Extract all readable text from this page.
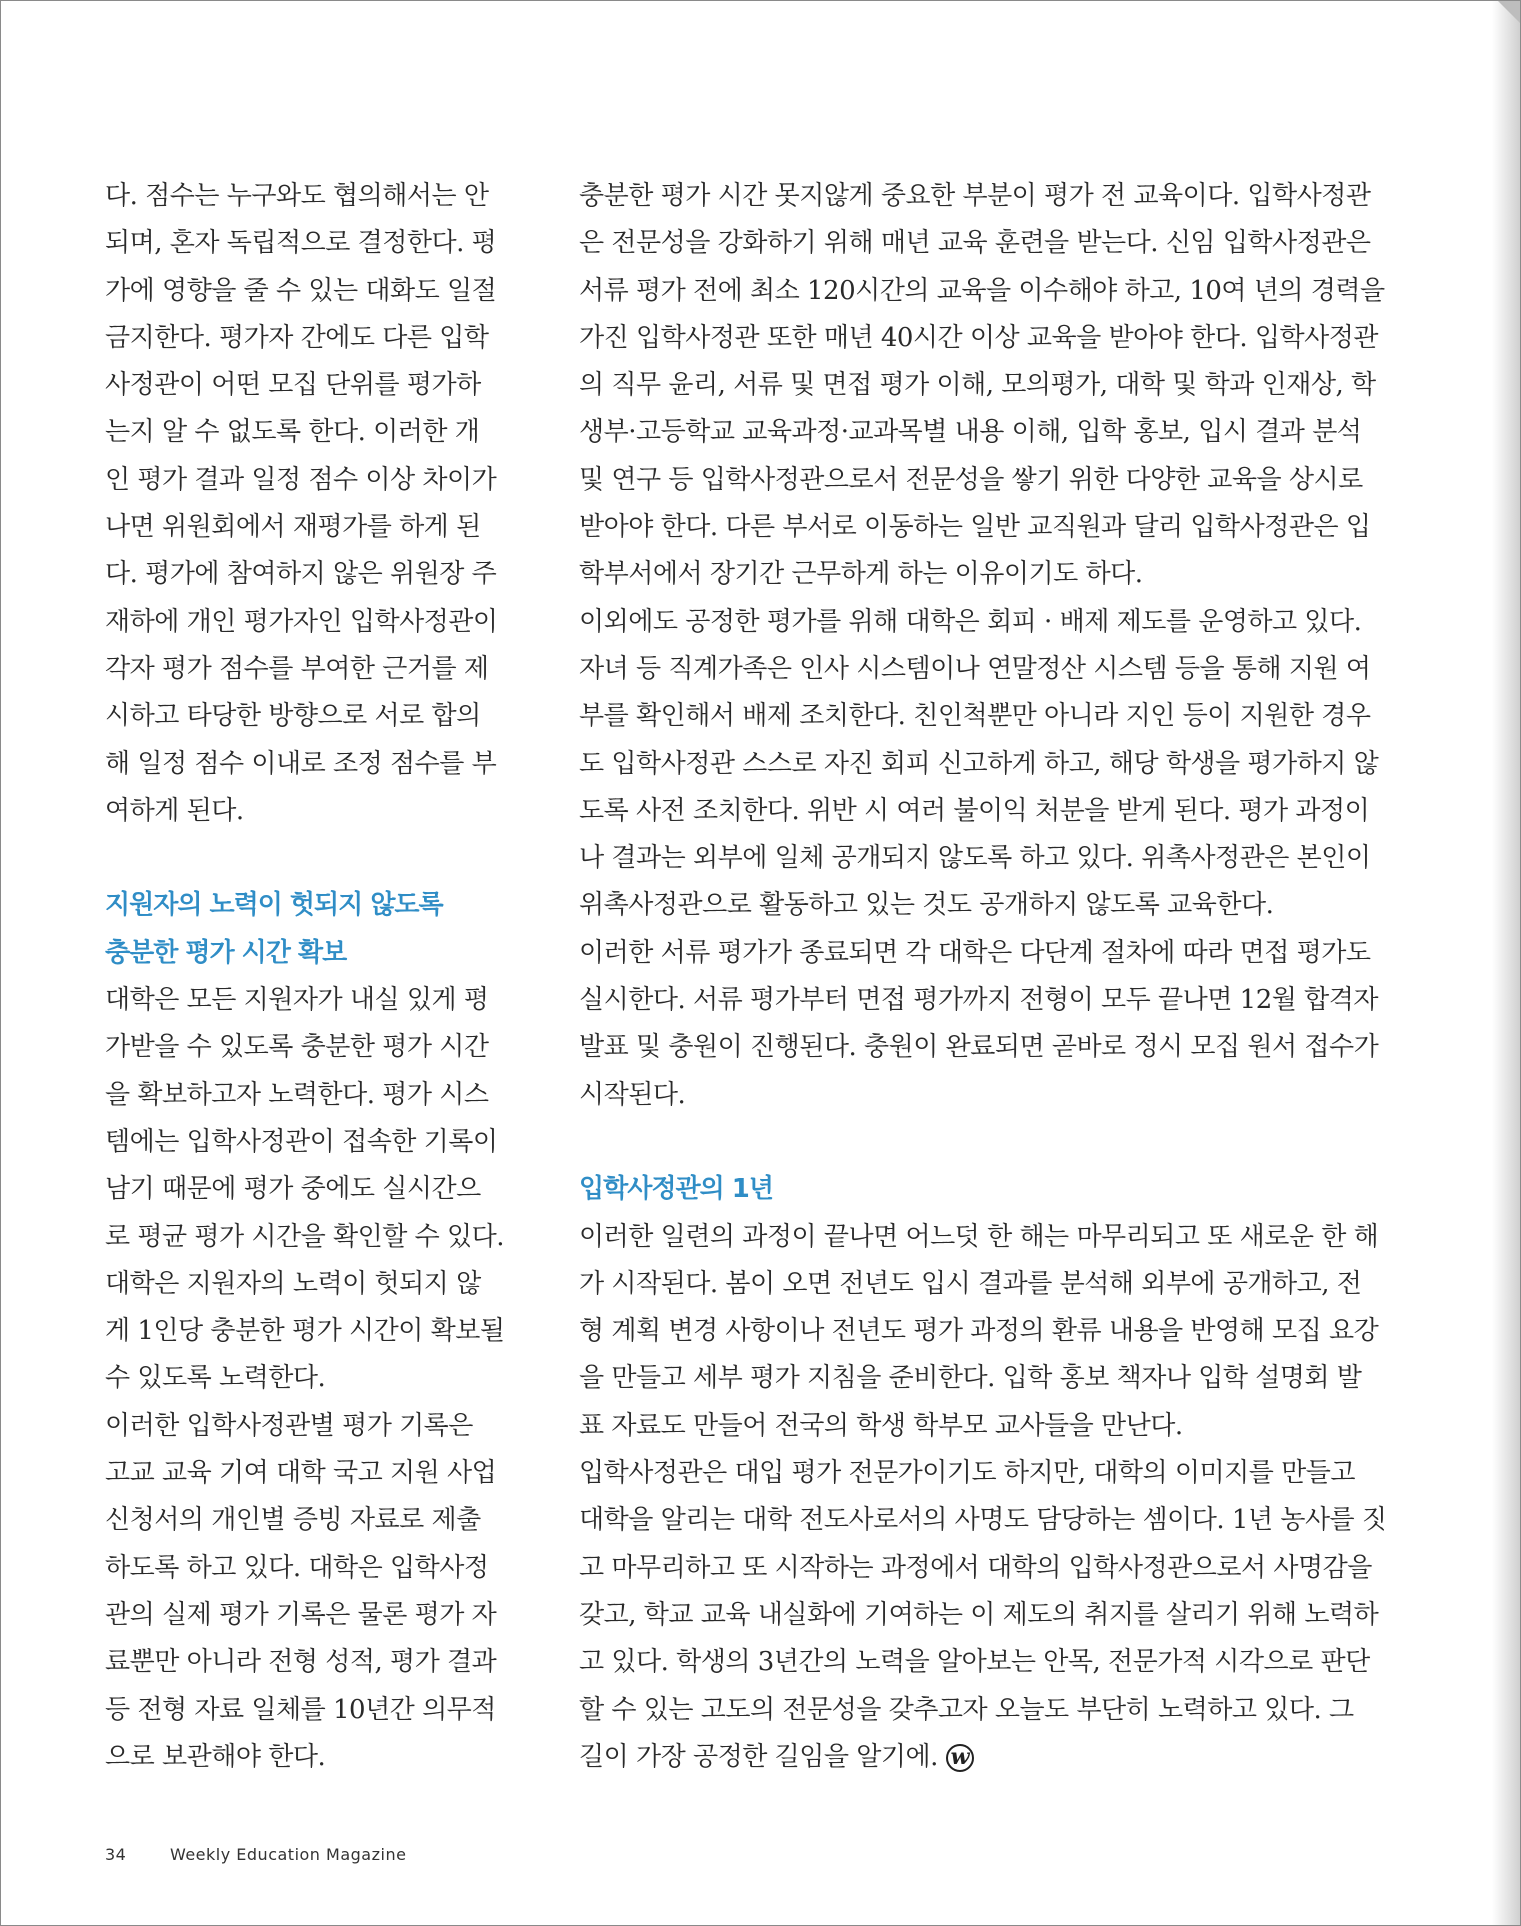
다. 점수는 누구와도 협의해서는 안
되며, 혼자 독립적으로 결정한다. 평
가에 영향을 줄 수 있는 대화도 일절
금지한다. 평가자 간에도 다른 입학
사정관이 어떤 모집 단위를 평가하
는지 알 수 없도록 한다. 이러한 개
인 평가 결과 일정 점수 이상 차이가
나면 위원회에서 재평가를 하게 된
다. 평가에 참여하지 않은 위원장 주
재하에 개인 평가자인 입학사정관이
각자 평가 점수를 부여한 근거를 제
시하고 타당한 방향으로 서로 합의
해 일정 점수 이내로 조정 점수를 부
여하게 된다.
지원자의 노력이 헛되지 않도록
충분한 평가 시간 확보
대학은 모든 지원자가 내실 있게 평
가받을 수 있도록 충분한 평가 시간
을 확보하고자 노력한다. 평가 시스
템에는 입학사정관이 접속한 기록이
남기 때문에 평가 중에도 실시간으
로 평균 평가 시간을 확인할 수 있다.
대학은 지원자의 노력이 헛되지 않
게 1인당 충분한 평가 시간이 확보될
수 있도록 노력한다.
이러한 입학사정관별 평가 기록은
고교 교육 기여 대학 국고 지원 사업
신청서의 개인별 증빙 자료로 제출
하도록 하고 있다. 대학은 입학사정
관의 실제 평가 기록은 물론 평가 자
료뿐만 아니라 전형 성적, 평가 결과
등 전형 자료 일체를 10년간 의무적
으로 보관해야 한다.
충분한 평가 시간 못지않게 중요한 부분이 평가 전 교육이다. 입학사정관
은 전문성을 강화하기 위해 매년 교육 훈련을 받는다. 신임 입학사정관은
서류 평가 전에 최소 120시간의 교육을 이수해야 하고, 10여 년의 경력을
가진 입학사정관 또한 매년 40시간 이상 교육을 받아야 한다. 입학사정관
의 직무 윤리, 서류 및 면접 평가 이해, 모의평가, 대학 및 학과 인재상, 학
생부·고등학교 교육과정·교과목별 내용 이해, 입학 홍보, 입시 결과 분석
및 연구 등 입학사정관으로서 전문성을 쌓기 위한 다양한 교육을 상시로
받아야 한다. 다른 부서로 이동하는 일반 교직원과 달리 입학사정관은 입
학부서에서 장기간 근무하게 하는 이유이기도 하다.
이외에도 공정한 평가를 위해 대학은 회피 · 배제 제도를 운영하고 있다.
자녀 등 직계가족은 인사 시스템이나 연말정산 시스템 등을 통해 지원 여
부를 확인해서 배제 조치한다. 친인척뿐만 아니라 지인 등이 지원한 경우
도 입학사정관 스스로 자진 회피 신고하게 하고, 해당 학생을 평가하지 않
도록 사전 조치한다. 위반 시 여러 불이익 처분을 받게 된다. 평가 과정이
나 결과는 외부에 일체 공개되지 않도록 하고 있다. 위촉사정관은 본인이
위촉사정관으로 활동하고 있는 것도 공개하지 않도록 교육한다.
이러한 서류 평가가 종료되면 각 대학은 다단계 절차에 따라 면접 평가도
실시한다. 서류 평가부터 면접 평가까지 전형이 모두 끝나면 12월 합격자
발표 및 충원이 진행된다. 충원이 완료되면 곧바로 정시 모집 원서 접수가
시작된다.
입학사정관의 1년
이러한 일련의 과정이 끝나면 어느덧 한 해는 마무리되고 또 새로운 한 해
가 시작된다. 봄이 오면 전년도 입시 결과를 분석해 외부에 공개하고, 전
형 계획 변경 사항이나 전년도 평가 과정의 환류 내용을 반영해 모집 요강
을 만들고 세부 평가 지침을 준비한다. 입학 홍보 책자나 입학 설명회 발
표 자료도 만들어 전국의 학생 학부모 교사들을 만난다.
입학사정관은 대입 평가 전문가이기도 하지만, 대학의 이미지를 만들고
대학을 알리는 대학 전도사로서의 사명도 담당하는 셈이다. 1년 농사를 짓
고 마무리하고 또 시작하는 과정에서 대학의 입학사정관으로서 사명감을
갖고, 학교 교육 내실화에 기여하는 이 제도의 취지를 살리기 위해 노력하
고 있다. 학생의 3년간의 노력을 알아보는 안목, 전문가적 시각으로 판단
할 수 있는 고도의 전문성을 갖추고자 오늘도 부단히 노력하고 있다. 그
길이 가장 공정한 길임을 알기에. w
34	Weekly Education Magazine
